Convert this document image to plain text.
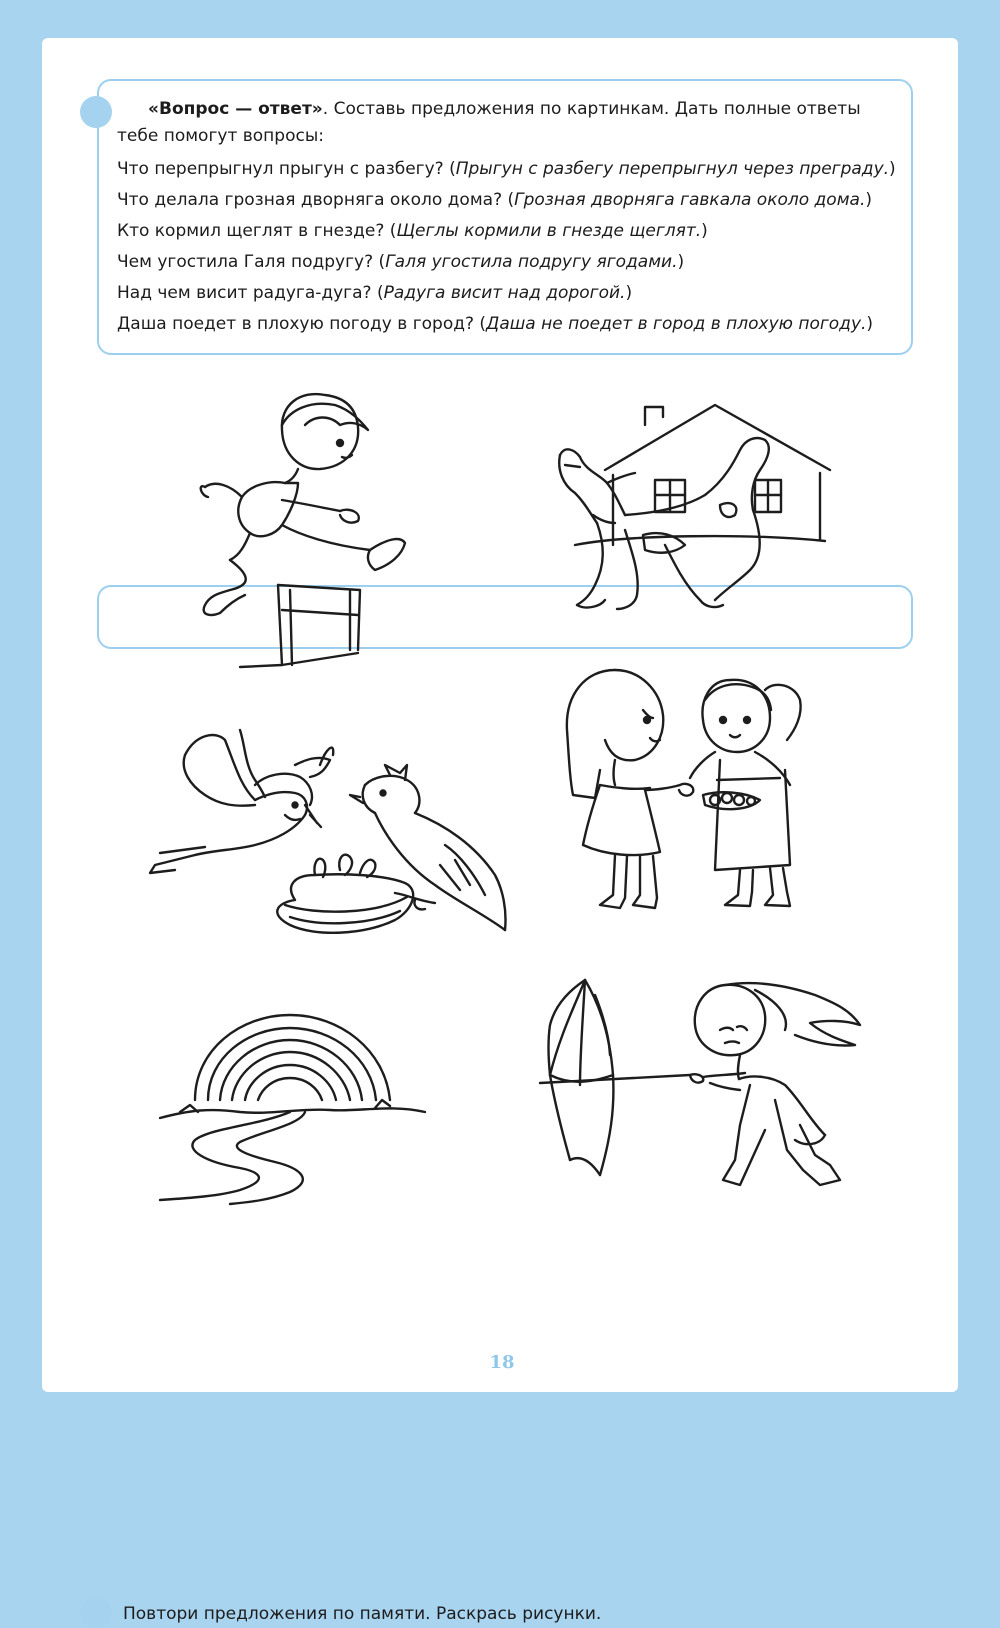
«Вопрос — ответ». Составь предложения по картинкам. Дать полные ответы тебе помогут вопросы:

Что перепрыгнул прыгун с разбегу? (Прыгун с разбегу перепрыгнул через преграду.)

Что делала грозная дворняга около дома? (Грозная дворняга гавкала около дома.)

Кто кормил щеглят в гнезде? (Щеглы кормили в гнезде щеглят.)

Чем угостила Галя подругу? (Галя угостила подругу ягодами.)

Над чем висит радуга-дуга? (Радуга висит над дорогой.)

Даша поедет в плохую погоду в город? (Даша не поедет в город в плохую погоду.)

Повтори предложения по памяти. Раскрась рисунки.
18
